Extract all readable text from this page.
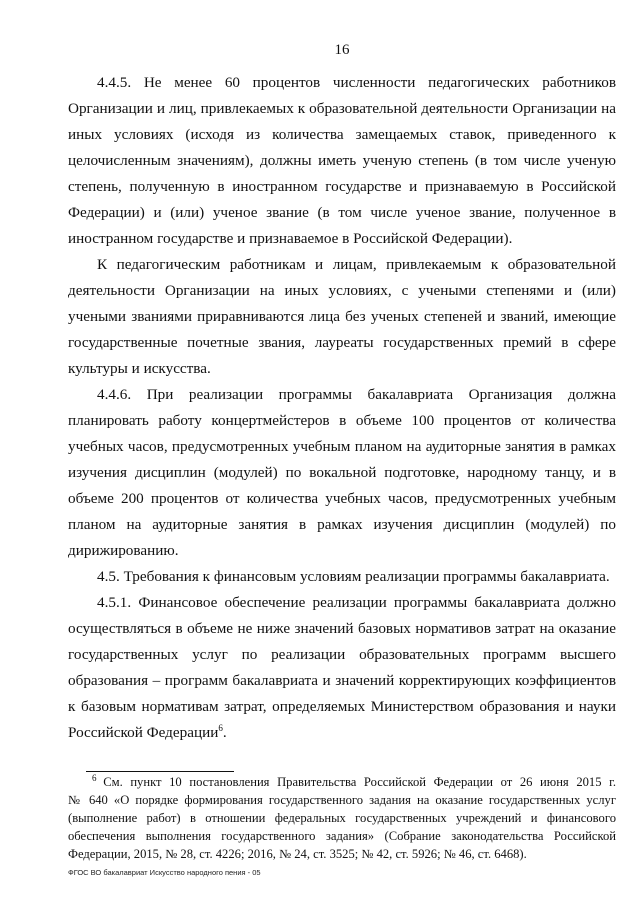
16
4.4.5. Не менее 60 процентов численности педагогических работников
Организации и лиц, привлекаемых к образовательной деятельности Организации на
иных условиях (исходя из количества замещаемых ставок, приведенного к
целочисленным значениям), должны иметь ученую степень (в том числе ученую
степень, полученную в иностранном государстве и признаваемую в Российской
Федерации) и (или) ученое звание (в том числе ученое звание, полученное в
иностранном государстве и признаваемое в Российской Федерации).
К педагогическим работникам и лицам, привлекаемым к образовательной
деятельности Организации на иных условиях, с учеными степенями и (или)
учеными званиями приравниваются лица без ученых степеней и званий, имеющие
государственные почетные звания, лауреаты государственных премий в сфере
культуры и искусства.
4.4.6. При реализации программы бакалавриата Организация должна
планировать работу концертмейстеров в объеме 100 процентов от количества
учебных часов, предусмотренных учебным планом на аудиторные занятия в рамках
изучения дисциплин (модулей) по вокальной подготовке, народному танцу, и в
объеме 200 процентов от количества учебных часов, предусмотренных учебным
планом на аудиторные занятия в рамках изучения дисциплин (модулей) по
дирижированию.
4.5. Требования к финансовым условиям реализации программы бакалавриата.
4.5.1. Финансовое обеспечение реализации программы бакалавриата должно
осуществляться в объеме не ниже значений базовых нормативов затрат на оказание
государственных услуг по реализации образовательных программ высшего
образования – программ бакалавриата и значений корректирующих коэффициентов
к базовым нормативам затрат, определяемых Министерством образования и науки
Российской Федерации$^6$.
$^6$ См. пункт 10 постановления Правительства Российской Федерации от 26 июня 2015 г.
№ 640 «О порядке формирования государственного задания на оказание государственных услуг
(выполнение работ) в отношении федеральных государственных учреждений и финансового
обеспечения выполнения государственного задания» (Собрание законодательства Российской
Федерации, 2015, № 28, ст. 4226; 2016, № 24, ст. 3525; № 42, ст. 5926; № 46, ст. 6468).
ФГОС ВО бакалавриат Искусство народного пения - 05
